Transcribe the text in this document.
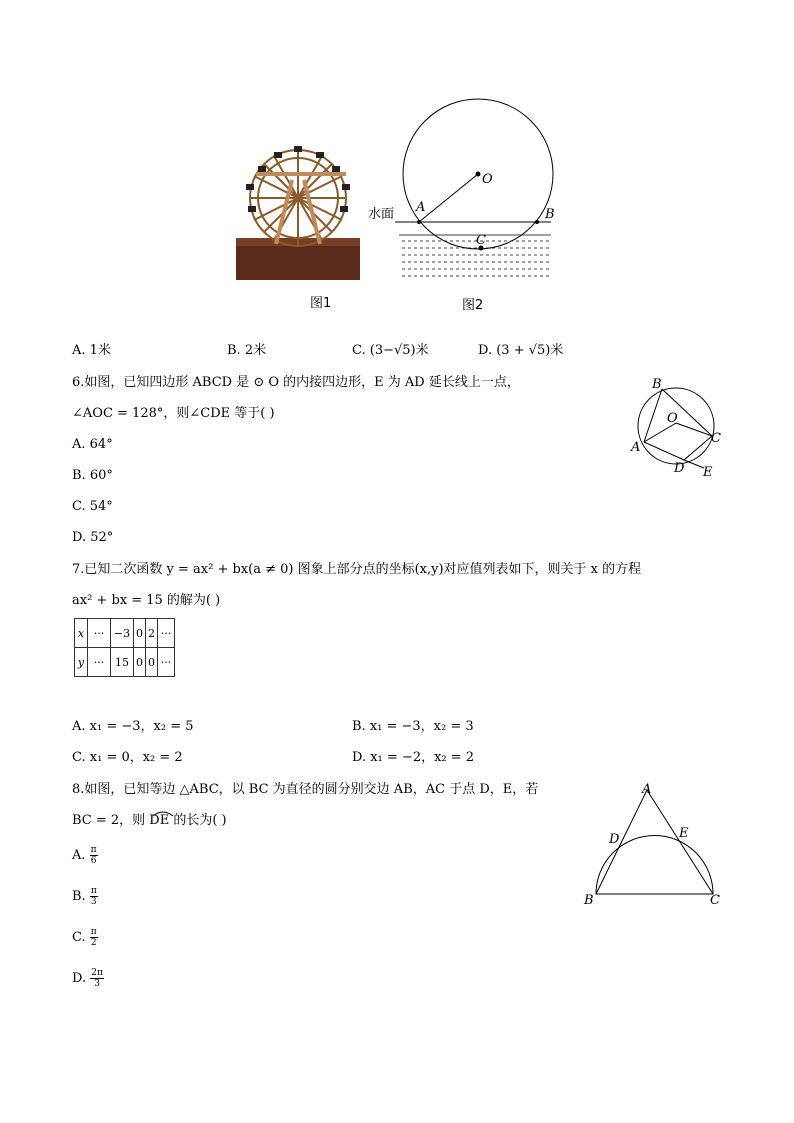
图1
水面
O
A	B
C
图2
A. 1米	B. 2米	C. (3−√5)米	D. (3 + √5)米
6.如图，已知四边形 ABCD 是 ⊙ O 的内接四边形，E 为 AD 延长线上一点，
∠AOC = 128°，则∠CDE 等于( )
A. 64°
B. 60°
C. 54°
D. 52°
B
O
A
C
D E
7.已知二次函数 y = ax² + bx(a ≠ 0) 图象上部分点的坐标(x,y)对应值列表如下，则关于 x 的方程
ax² + bx = 15 的解为( )
x	···	−3	0	2	···
y	···	15	0	0	···
A. x₁ = −3，x₂ = 5	B. x₁ = −3，x₂ = 3
C. x₁ = 0，x₂ = 2	D. x₁ = −2，x₂ = 2
8.如图，已知等边 △ABC，以 BC 为直径的圆分别交边 AB，AC 于点 D，E，若
BC = 2，则 DE 的长为( )
A. $\frac{\pi}{6}$
B. $\frac{\pi}{3}$
C. $\frac{\pi}{2}$
D. $\frac{2\pi}{3}$
A
D	E
B	C
